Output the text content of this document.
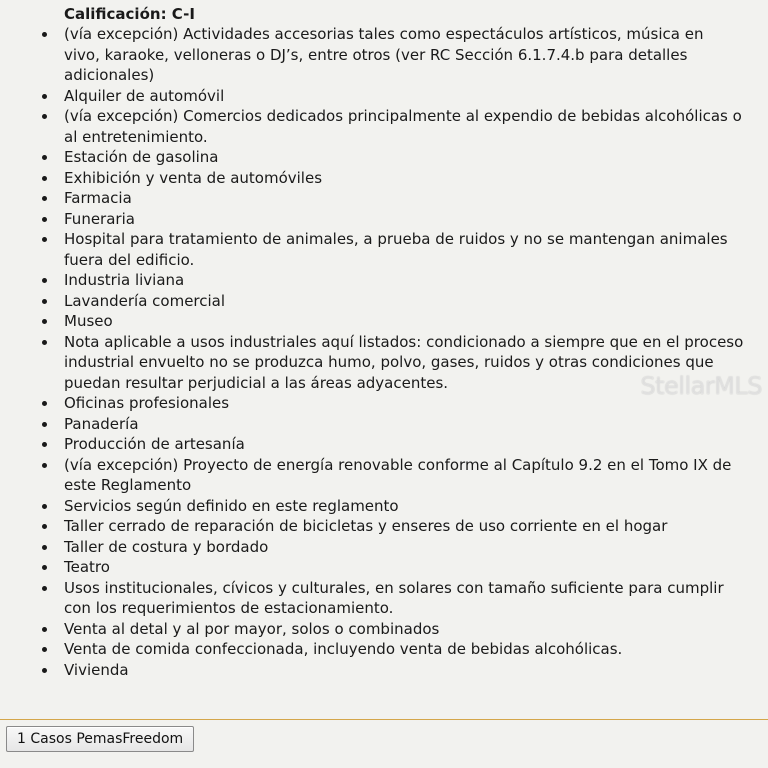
Calificación: C-I
(vía excepción) Actividades accesorias tales como espectáculos artísticos, música en vivo, karaoke, velloneras o DJ’s, entre otros (ver RC Sección 6.1.7.4.b para detalles adicionales)
Alquiler de automóvil
(vía excepción) Comercios dedicados principalmente al expendio de bebidas alcohólicas o al entretenimiento.
Estación de gasolina
Exhibición y venta de automóviles
Farmacia
Funeraria
Hospital para tratamiento de animales, a prueba de ruidos y no se mantengan animales fuera del edificio.
Industria liviana
Lavandería comercial
Museo
Nota aplicable a usos industriales aquí listados: condicionado a siempre que en el proceso industrial envuelto no se produzca humo, polvo, gases, ruidos y otras condiciones que puedan resultar perjudicial a las áreas adyacentes.
Oficinas profesionales
Panadería
Producción de artesanía
(vía excepción) Proyecto de energía renovable conforme al Capítulo 9.2 en el Tomo IX de este Reglamento
Servicios según definido en este reglamento
Taller cerrado de reparación de bicicletas y enseres de uso corriente en el hogar
Taller de costura y bordado
Teatro
Usos institucionales, cívicos y culturales, en solares con tamaño suficiente para cumplir con los requerimientos de estacionamiento.
Venta al detal y al por mayor, solos o combinados
Venta de comida confeccionada, incluyendo venta de bebidas alcohólicas.
Vivienda
StellarMLS
1 Casos PemasFreedom
